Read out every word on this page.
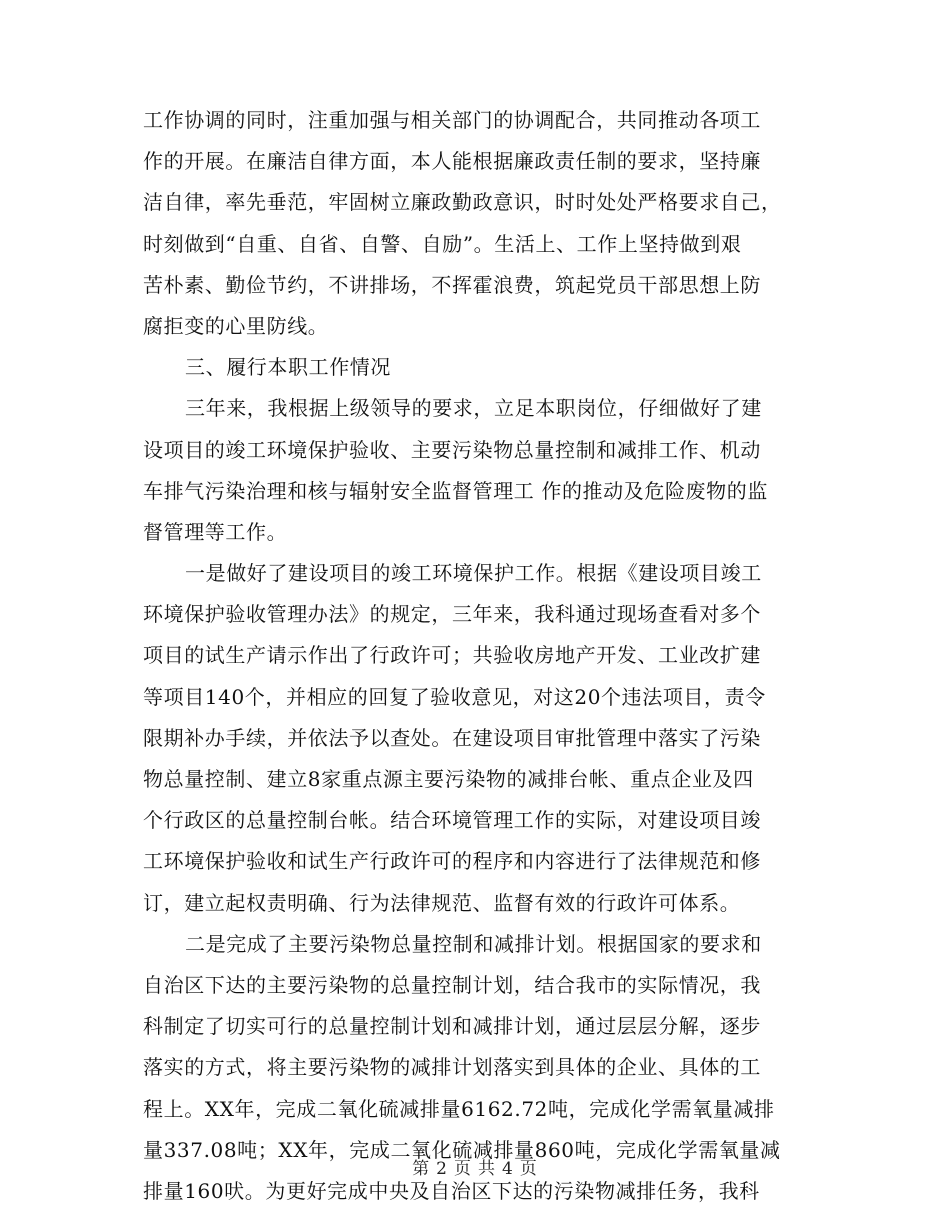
工作协调的同时，注重加强与相关部门的协调配合，共同推动各项工
作的开展。在廉洁自律方面，本人能根据廉政责任制的要求，坚持廉
洁自律，率先垂范，牢固树立廉政勤政意识，时时处处严格要求自己，
时刻做到“自重、自省、自警、自励”。生活上、工作上坚持做到艰
苦朴素、勤俭节约，不讲排场，不挥霍浪费，筑起党员干部思想上防
腐拒变的心里防线。
三、履行本职工作情况
三年来，我根据上级领导的要求，立足本职岗位，仔细做好了建
设项目的竣工环境保护验收、主要污染物总量控制和减排工作、机动
车排气污染治理和核与辐射安全监督管理工 作的推动及危险废物的监
督管理等工作。
一是做好了建设项目的竣工环境保护工作。根据《建设项目竣工
环境保护验收管理办法》的规定，三年来，我科通过现场查看对多个
项目的试生产请示作出了行政许可；共验收房地产开发、工业改扩建
等项目140个，并相应的回复了验收意见，对这20个违法项目，责令
限期补办手续，并依法予以查处。在建设项目审批管理中落实了污染
物总量控制、建立8家重点源主要污染物的减排台帐、重点企业及四
个行政区的总量控制台帐。结合环境管理工作的实际，对建设项目竣
工环境保护验收和试生产行政许可的程序和内容进行了法律规范和修
订，建立起权责明确、行为法律规范、监督有效的行政许可体系。
二是完成了主要污染物总量控制和减排计划。根据国家的要求和
自治区下达的主要污染物的总量控制计划，结合我市的实际情况，我
科制定了切实可行的总量控制计划和减排计划，通过层层分解，逐步
落实的方式，将主要污染物的减排计划落实到具体的企业、具体的工
程上。XX年，完成二氧化硫减排量6162.72吨，完成化学需氧量减排
量337.08吨；XX年，完成二氧化硫减排量860吨，完成化学需氧量减
排量160吠。为更好完成中央及自治区下达的污染物减排任务，我科
第 2 页 共 4 页
